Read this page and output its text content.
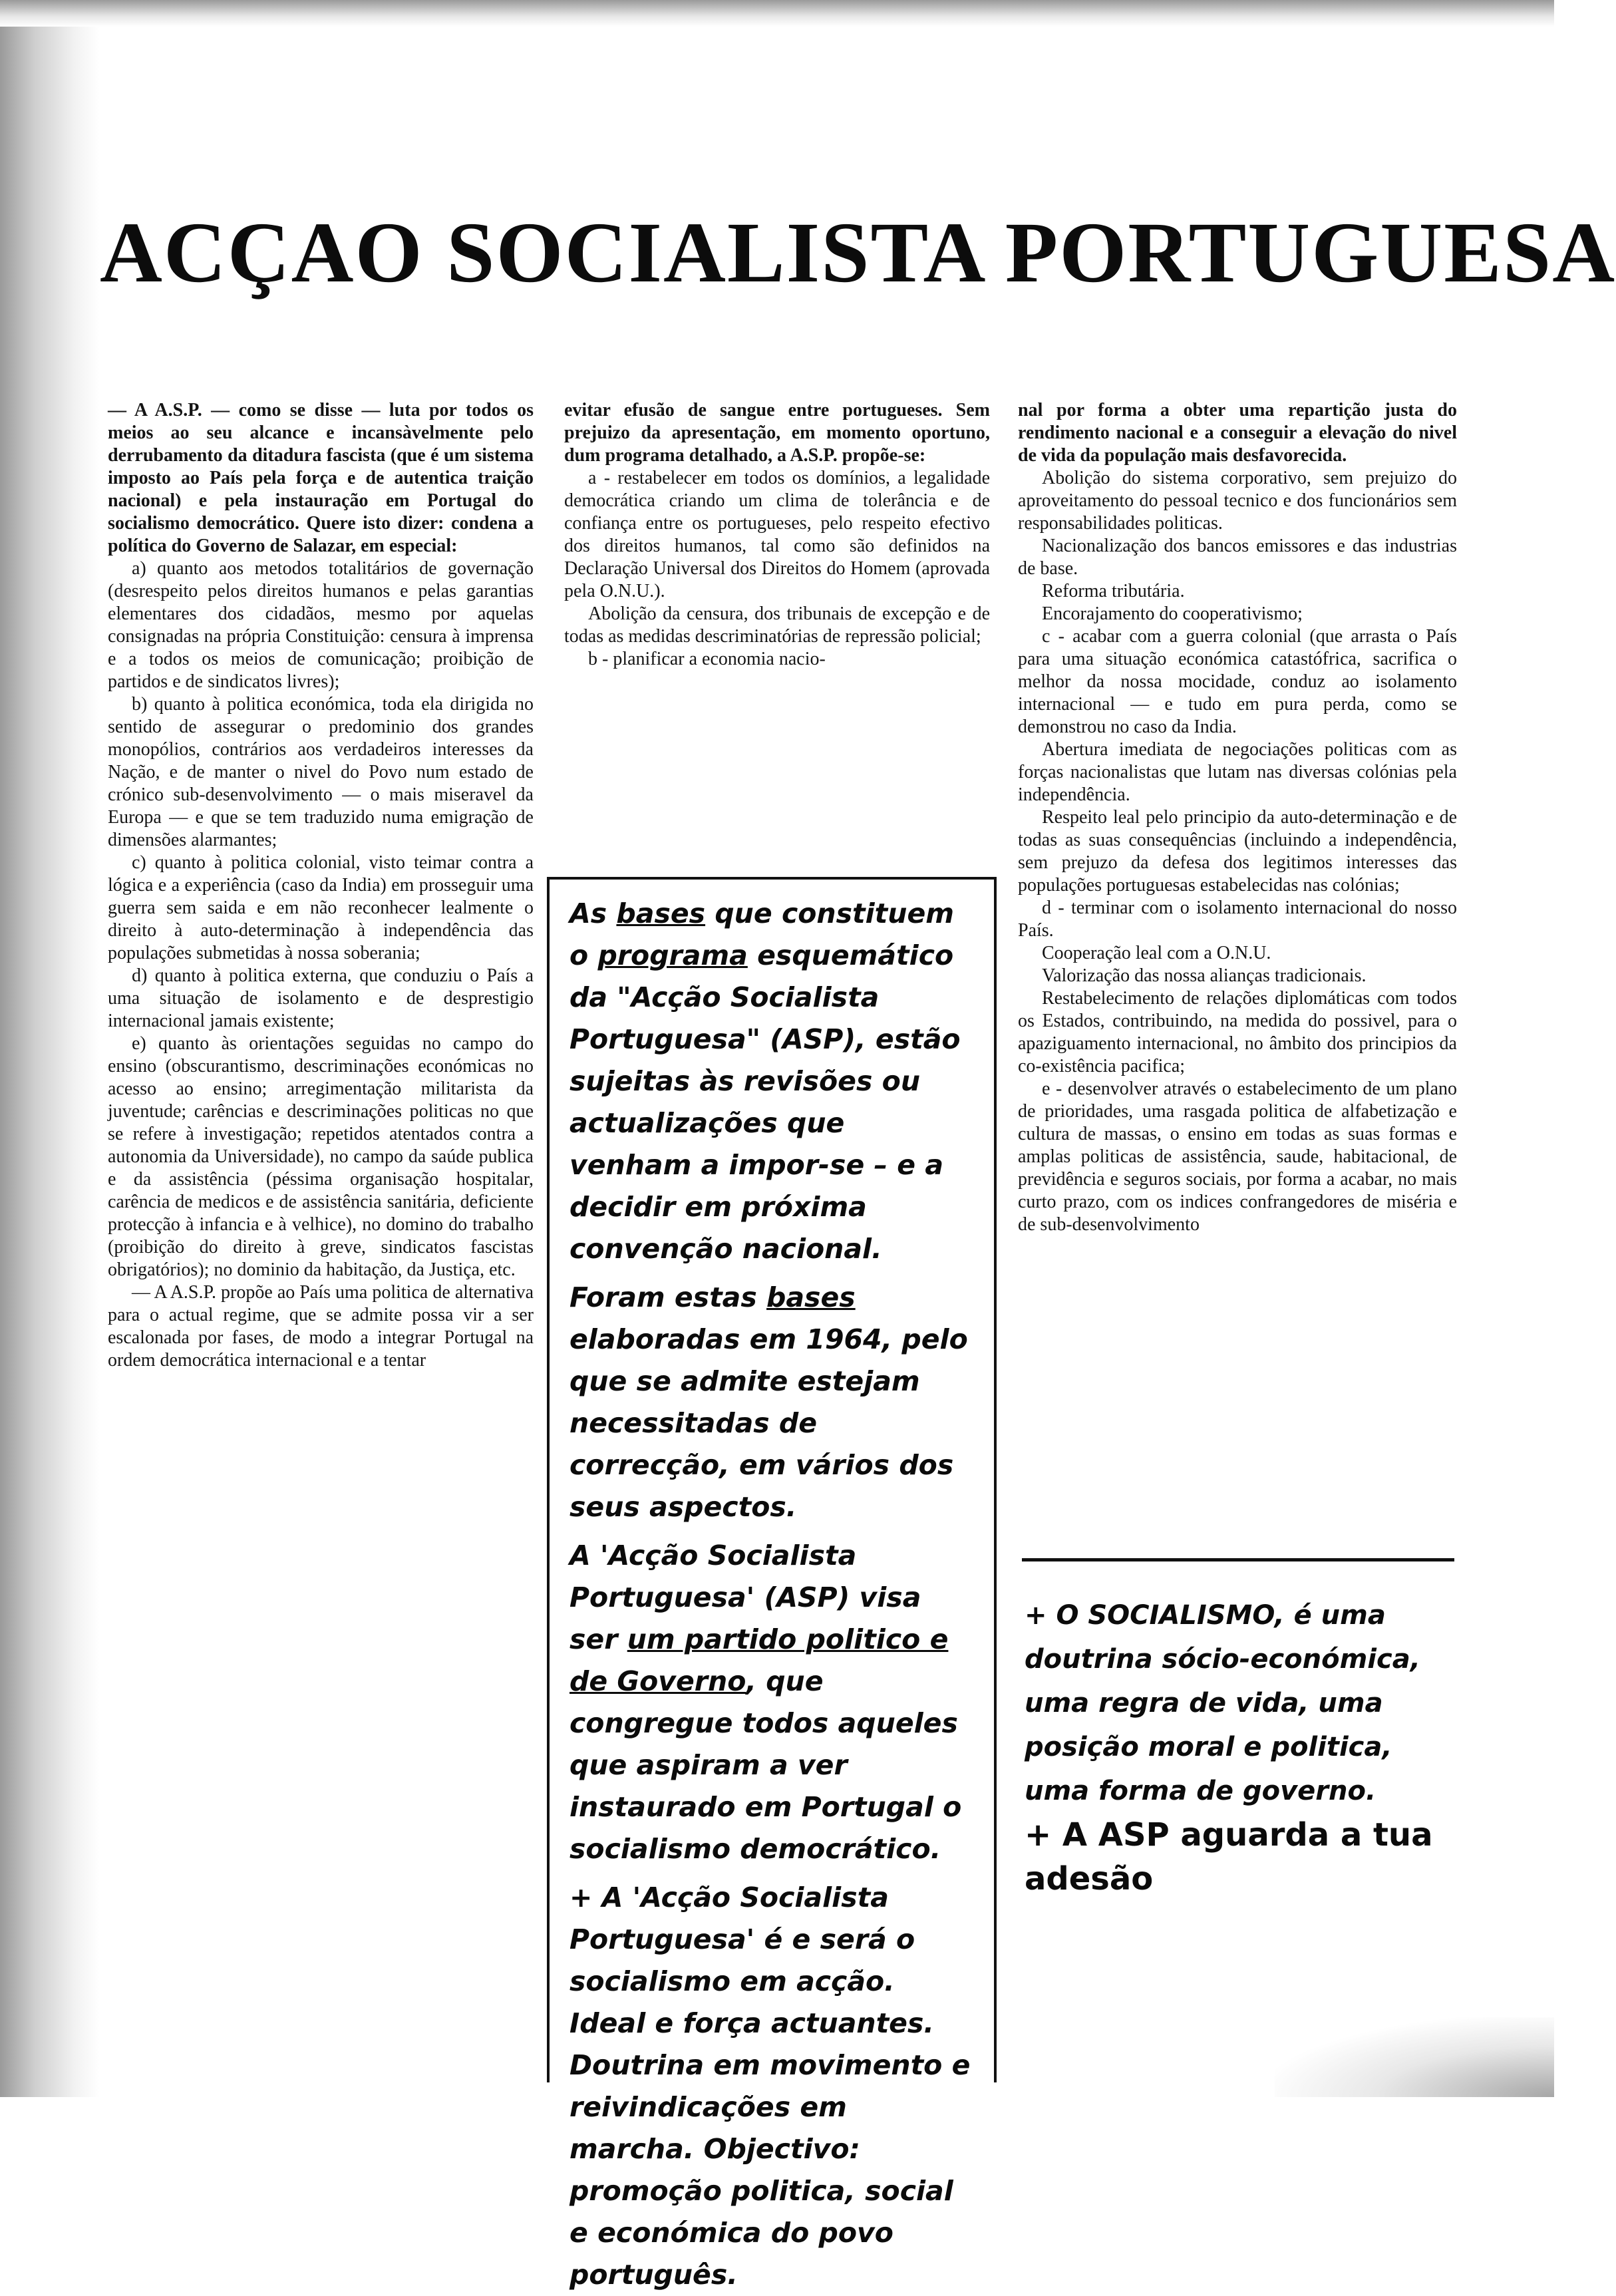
ACÇAO SOCIALISTA PORTUGUESA

— A A.S.P. — como se disse — luta por todos os meios ao seu alcance e incansàvelmente pelo derrubamento da ditadura fascista (que é um sistema imposto ao País pela força e de autentica traição nacional) e pela instauração em Portugal do socialismo democrático. Quere isto dizer: condena a política do Governo de Salazar, em especial:

a) quanto aos metodos totalitários de governação (desrespeito pelos direitos humanos e pelas garantias elementares dos cidadãos, mesmo por aquelas consignadas na própria Constituição: censura à imprensa e a todos os meios de comunicação; proibição de partidos e de sindicatos livres);

b) quanto à politica económica, toda ela dirigida no sentido de assegurar o predominio dos grandes monopólios, contrários aos verdadeiros interesses da Nação, e de manter o nivel do Povo num estado de crónico sub-desenvolvimento — o mais miseravel da Europa — e que se tem traduzido numa emigração de dimensões alarmantes;

c) quanto à politica colonial, visto teimar contra a lógica e a experiência (caso da India) em prosseguir uma guerra sem saida e em não reconhecer lealmente o direito à auto-determinação à independência das populações submetidas à nossa soberania;

d) quanto à politica externa, que conduziu o País a uma situação de isolamento e de desprestigio internacional jamais existente;

e) quanto às orientações seguidas no campo do ensino (obscurantismo, descriminações económicas no acesso ao ensino; arregimentação militarista da juventude; carências e descriminações politicas no que se refere à investigação; repetidos atentados contra a autonomia da Universidade), no campo da saúde publica e da assistência (péssima organisação hospitalar, carência de medicos e de assistência sanitária, deficiente protecção à infancia e à velhice), no domino do trabalho (proibição do direito à greve, sindicatos fascistas obrigatórios); no dominio da habitação, da Justiça, etc.

— A A.S.P. propõe ao País uma politica de alternativa para o actual regime, que se admite possa vir a ser escalonada por fases, de modo a integrar Portugal na ordem democrática internacional e a tentar

evitar efusão de sangue entre portugueses. Sem prejuizo da apresentação, em momento oportuno, dum programa detalhado, a A.S.P. propõe-se:

a - restabelecer em todos os domínios, a legalidade democrática criando um clima de tolerância e de confiança entre os portugueses, pelo respeito efectivo dos direitos humanos, tal como são definidos na Declaração Universal dos Direitos do Homem (aprovada pela O.N.U.).

Abolição da censura, dos tribunais de excepção e de todas as medidas descriminatórias de repressão policial;

b - planificar a economia nacio-

nal por forma a obter uma repartição justa do rendimento nacional e a conseguir a elevação do nivel de vida da população mais desfavorecida.

Abolição do sistema corporativo, sem prejuizo do aproveitamento do pessoal tecnico e dos funcionários sem responsabilidades politicas.

Nacionalização dos bancos emissores e das industrias de base.

Reforma tributária.

Encorajamento do cooperativismo;

c - acabar com a guerra colonial (que arrasta o País para uma situação económica catastófrica, sacrifica o melhor da nossa mocidade, conduz ao isolamento internacional — e tudo em pura perda, como se demonstrou no caso da India.

Abertura imediata de negociações politicas com as forças nacionalistas que lutam nas diversas colónias pela independência.

Respeito leal pelo principio da auto-determinação e de todas as suas consequências (incluindo a independência, sem prejuzo da defesa dos legitimos interesses das populações portuguesas estabelecidas nas colónias;

d - terminar com o isolamento internacional do nosso País.

Cooperação leal com a O.N.U.

Valorização das nossa alianças tradicionais.

Restabelecimento de relações diplomáticas com todos os Estados, contribuindo, na medida do possivel, para o apaziguamento internacional, no âmbito dos principios da co-existência pacifica;

e - desenvolver através o estabelecimento de um plano de prioridades, uma rasgada politica de alfabetização e cultura de massas, o ensino em todas as suas formas e amplas politicas de assistência, saude, habitacional, de previdência e seguros sociais, por forma a acabar, no mais curto prazo, com os indices confrangedores de miséria e de sub-desenvolvimento

As bases que constituem o programa esquemático da "Acção Socialista Portuguesa" (ASP), estão sujeitas às revisões ou actualizações que venham a impor-se – e a decidir em próxima convenção nacional.

Foram estas bases elaboradas em 1964, pelo que se admite estejam necessitadas de correcção, em vários dos seus aspectos.

A 'Acção Socialista Portuguesa' (ASP) visa ser um partido politico e de Governo, que congregue todos aqueles que aspiram a ver instaurado em Portugal o socialismo democrático.

+ A 'Acção Socialista Portuguesa' é e será o socialismo em acção. Ideal e força actuantes. Doutrina em movimento e reivindicações em marcha. Objectivo: promoção politica, social e económica do povo português.

+ O SOCIALISMO, é uma doutrina sócio-económica, uma regra de vida, uma posição moral e politica, uma forma de governo.

+ A ASP aguarda a tua adesão
